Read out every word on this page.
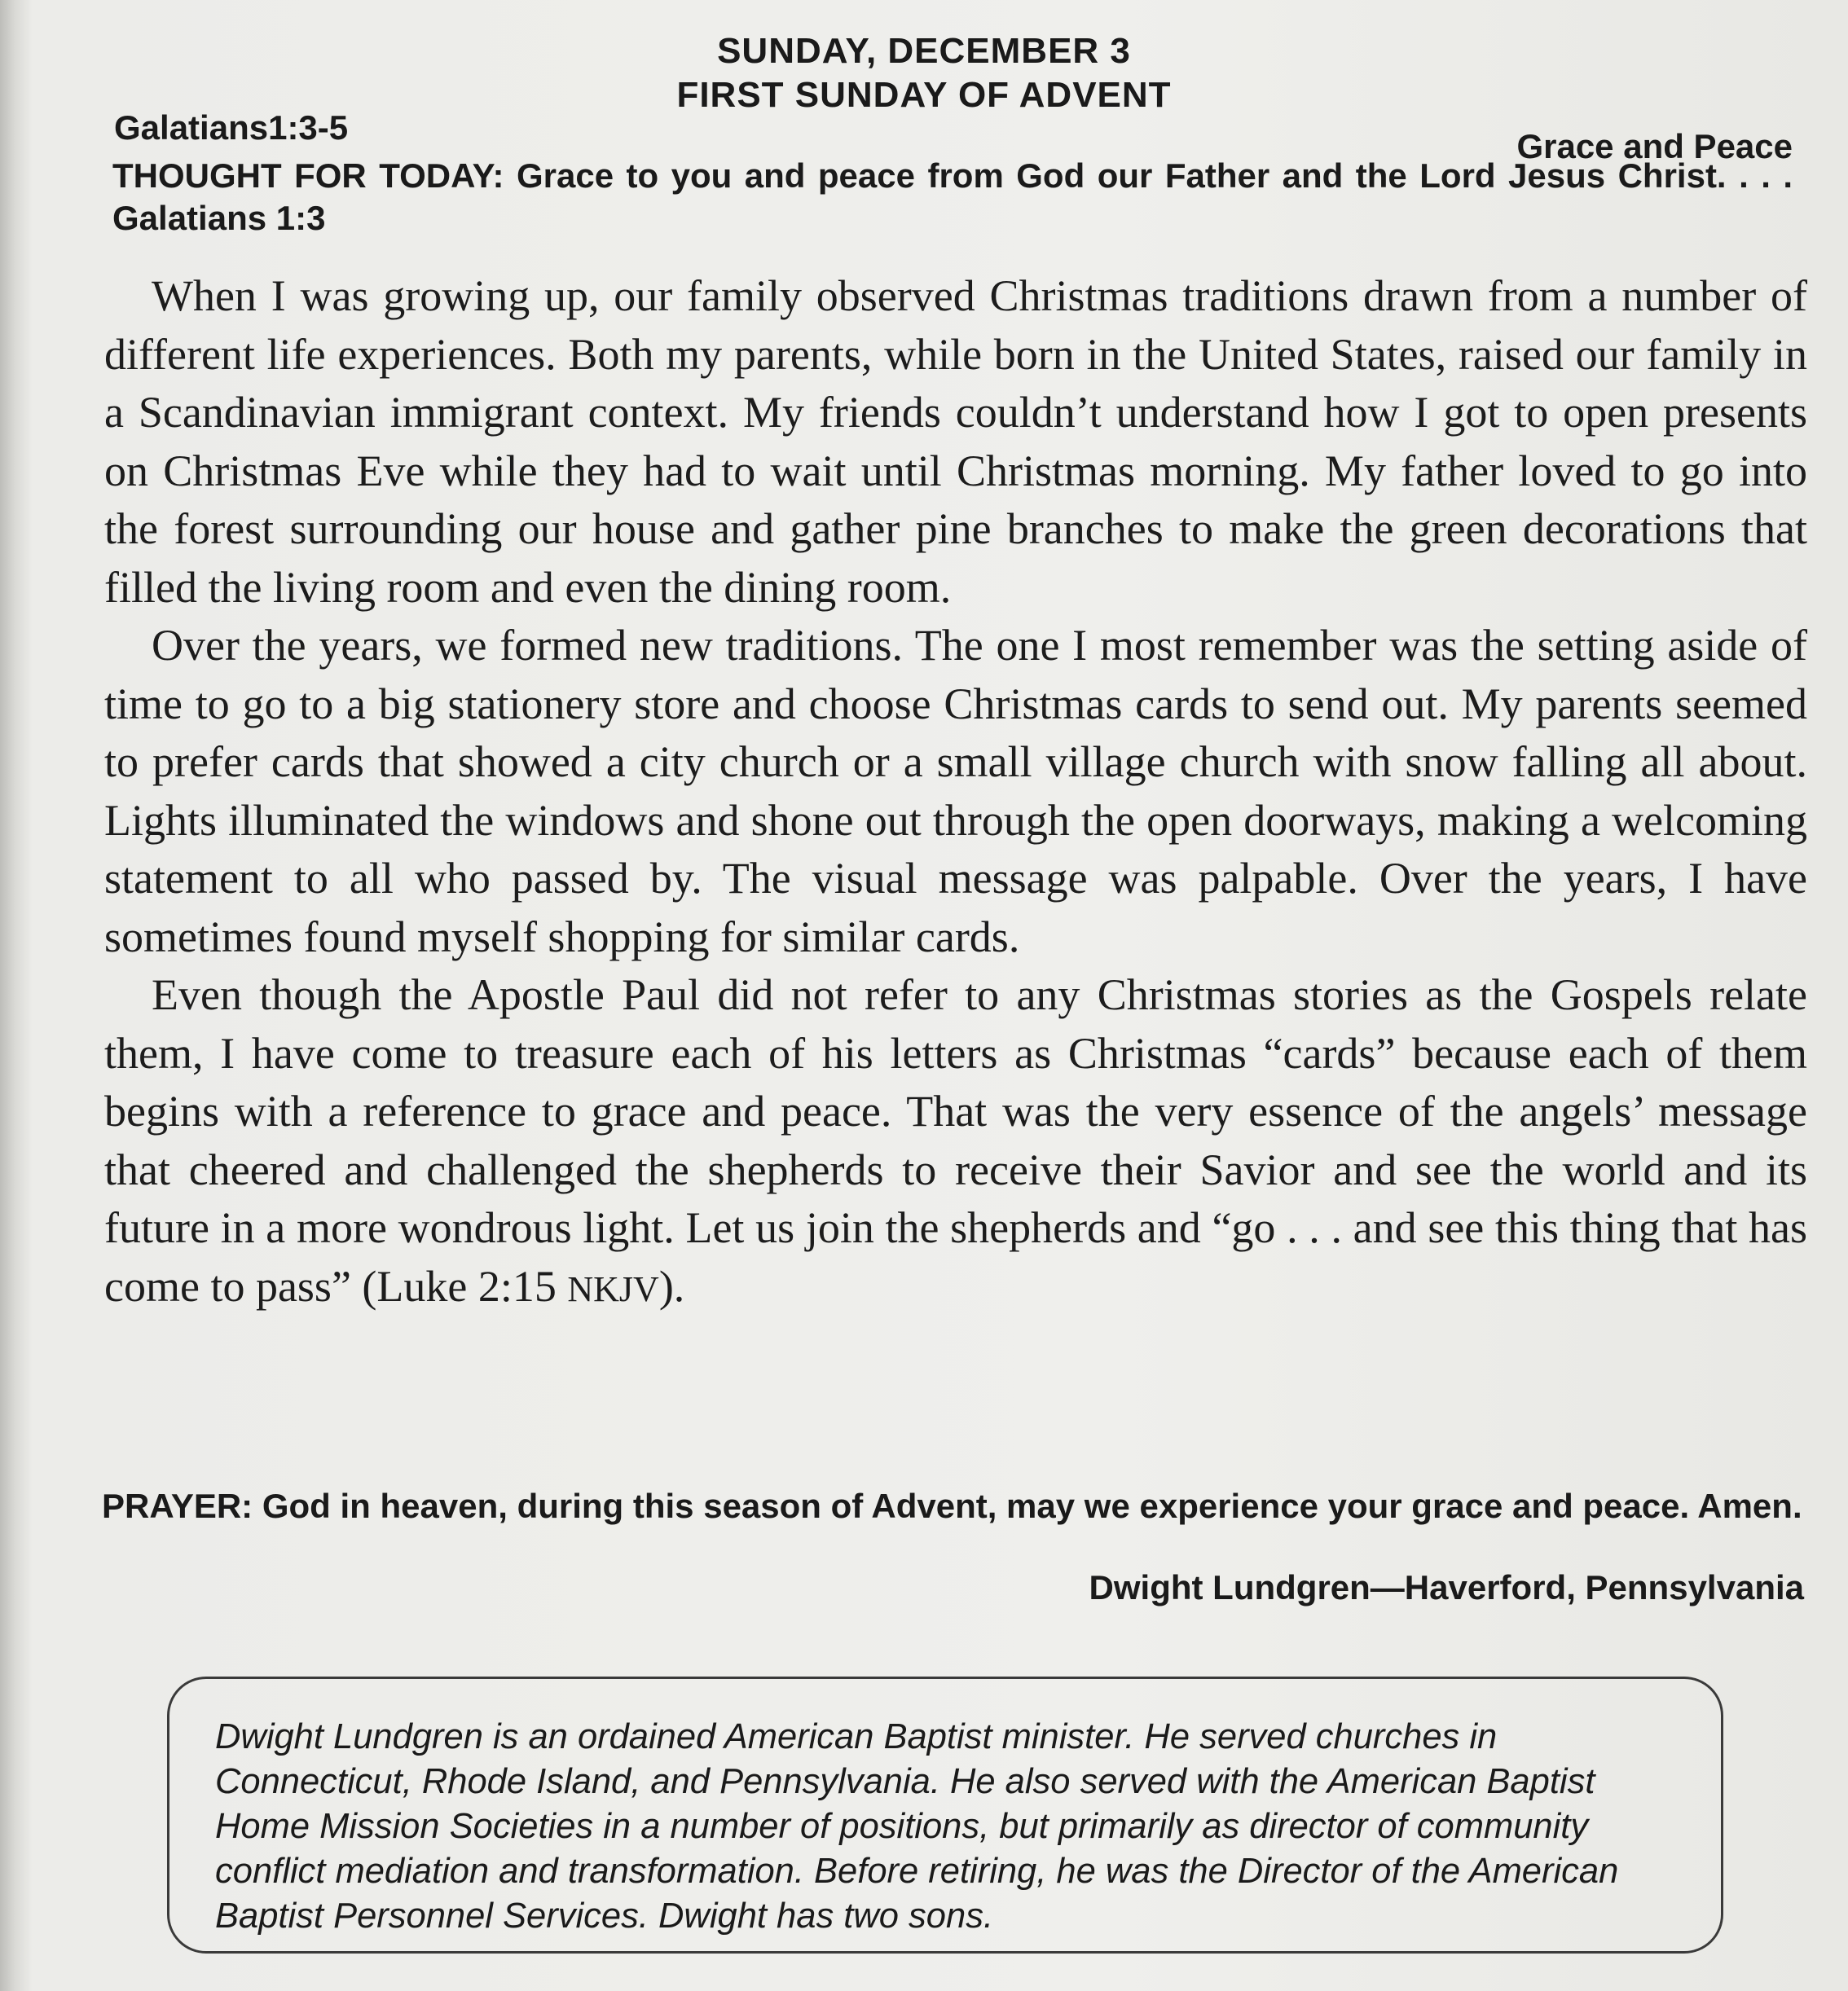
SUNDAY, DECEMBER 3
FIRST SUNDAY OF ADVENT
Galatians1:3-5	Grace and Peace
THOUGHT FOR TODAY: Grace to you and peace from God our Father and the Lord Jesus Christ. . . . Galatians 1:3

When I was growing up, our family observed Christmas traditions drawn from a number of different life experiences. Both my parents, while born in the United States, raised our family in a Scandinavian immigrant context. My friends couldn’t understand how I got to open presents on Christmas Eve while they had to wait until Christmas morning. My father loved to go into the forest surrounding our house and gather pine branches to make the green decorations that filled the living room and even the dining room.

Over the years, we formed new traditions. The one I most remember was the setting aside of time to go to a big stationery store and choose Christmas cards to send out. My parents seemed to prefer cards that showed a city church or a small village church with snow falling all about. Lights illuminated the windows and shone out through the open doorways, making a welcoming statement to all who passed by. The visual message was palpable. Over the years, I have sometimes found myself shopping for similar cards.

Even though the Apostle Paul did not refer to any Christmas stories as the Gospels relate them, I have come to treasure each of his letters as Christmas “cards” because each of them begins with a reference to grace and peace. That was the very essence of the angels’ message that cheered and challenged the shepherds to receive their Savior and see the world and its future in a more wondrous light. Let us join the shepherds and “go . . . and see this thing that has come to pass” (Luke 2:15 NKJV).

PRAYER: God in heaven, during this season of Advent, may we experience your grace and peace. Amen.
Dwight Lundgren—Haverford, Pennsylvania
Dwight Lundgren is an ordained American Baptist minister. He served churches in Connecticut, Rhode Island, and Pennsylvania. He also served with the American Baptist Home Mission Societies in a number of positions, but primarily as director of community conflict mediation and transformation. Before retiring, he was the Director of the American Baptist Personnel Services. Dwight has two sons.
